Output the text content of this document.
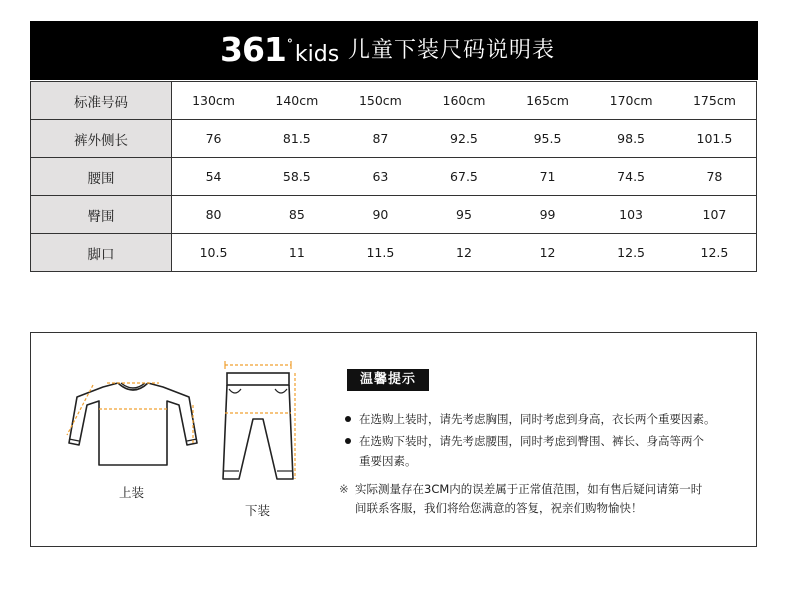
361 ° kids 儿童下装尺码说明表
标准号码	130cm	140cm	150cm	160cm	165cm	170cm	175cm
裤外侧长	76	81.5	87	92.5	95.5	98.5	101.5
腰围	54	58.5	63	67.5	71	74.5	78
臀围	80	85	90	95	99	103	107
脚口	10.5	11	11.5	12	12	12.5	12.5
上装
下装
温馨提示
在选购上装时，请先考虑胸围，同时考虑到身高，衣长两个重要因素。
在选购下装时，请先考虑腰围，同时考虑到臀围、裤长、身高等两个
重要因素。
※ 实际测量存在3CM内的误差属于正常值范围，如有售后疑问请第一时
间联系客服，我们将给您满意的答复，祝亲们购物愉快！
